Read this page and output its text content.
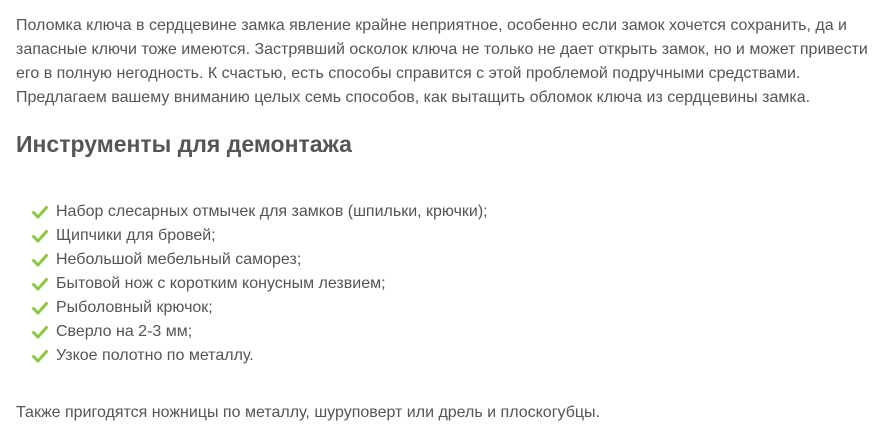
Поломка ключа в сердцевине замка явление крайне неприятное, особенно если замок хочется сохранить, да и запасные ключи тоже имеются. Застрявший осколок ключа не только не дает открыть замок, но и может привести его в полную негодность. К счастью, есть способы справится с этой проблемой подручными средствами. Предлагаем вашему вниманию целых семь способов, как вытащить обломок ключа из сердцевины замка.

Инструменты для демонтажа
Набор слесарных отмычек для замков (шпильки, крючки);
Щипчики для бровей;
Небольшой мебельный саморез;
Бытовой нож с коротким конусным лезвием;
Рыболовный крючок;
Сверло на 2-3 мм;
Узкое полотно по металлу.

Также пригодятся ножницы по металлу, шуруповерт или дрель и плоскогубцы.
